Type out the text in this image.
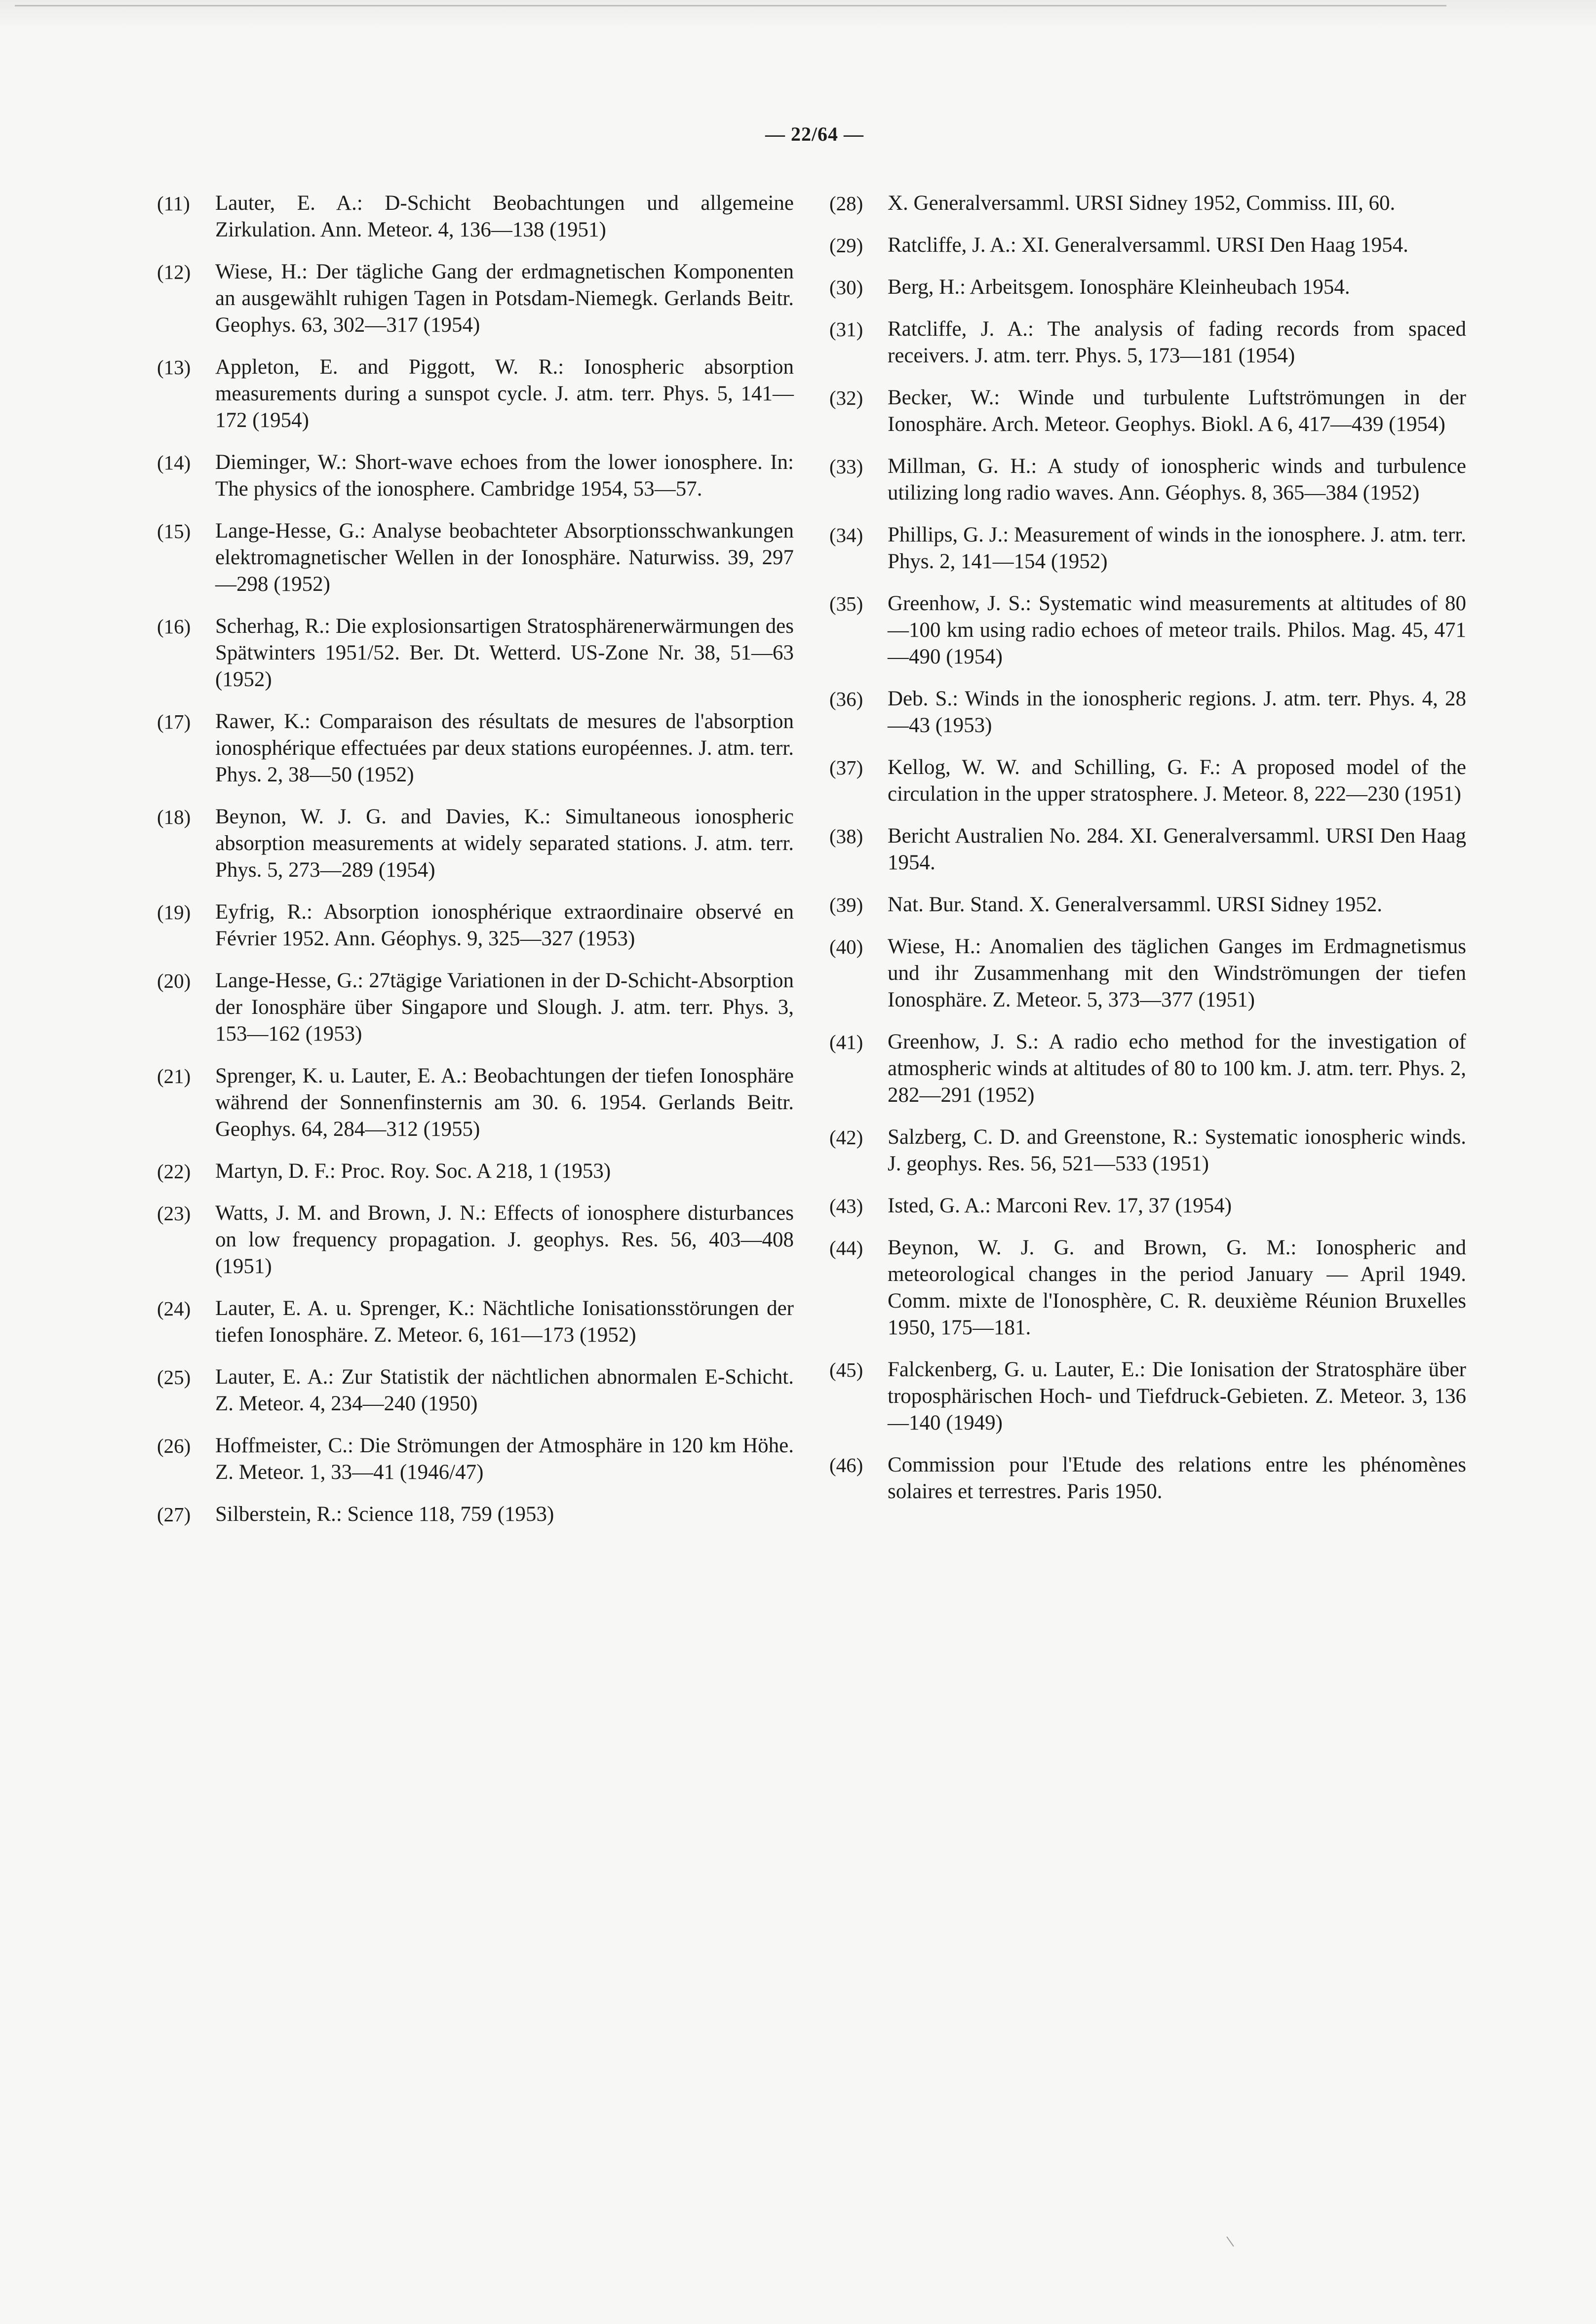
— 22/64 —
(11)	Lauter, E. A.: D-Schicht Beobachtungen und allgemeine Zirkulation. Ann. Meteor. 4, 136—138 (1951)
(12)	Wiese, H.: Der tägliche Gang der erdmagnetischen Komponenten an ausgewählt ruhigen Tagen in Potsdam-Niemegk. Gerlands Beitr. Geophys. 63, 302—317 (1954)
(13)	Appleton, E. and Piggott, W. R.: Ionospheric absorption measurements during a sunspot cycle. J. atm. terr. Phys. 5, 141—172 (1954)
(14)	Dieminger, W.: Short-wave echoes from the lower ionosphere. In: The physics of the ionosphere. Cambridge 1954, 53—57.
(15)	Lange-Hesse, G.: Analyse beobachteter Absorptionsschwankungen elektromagnetischer Wellen in der Ionosphäre. Naturwiss. 39, 297—298 (1952)
(16)	Scherhag, R.: Die explosionsartigen Stratosphärenerwärmungen des Spätwinters 1951/52. Ber. Dt. Wetterd. US-Zone Nr. 38, 51—63 (1952)
(17)	Rawer, K.: Comparaison des résultats de mesures de l'absorption ionosphérique effectuées par deux stations européennes. J. atm. terr. Phys. 2, 38—50 (1952)
(18)	Beynon, W. J. G. and Davies, K.: Simultaneous ionospheric absorption measurements at widely separated stations. J. atm. terr. Phys. 5, 273—289 (1954)
(19)	Eyfrig, R.: Absorption ionosphérique extraordinaire observé en Février 1952. Ann. Géophys. 9, 325—327 (1953)
(20)	Lange-Hesse, G.: 27tägige Variationen in der D-Schicht-Absorption der Ionosphäre über Singapore und Slough. J. atm. terr. Phys. 3, 153—162 (1953)
(21)	Sprenger, K. u. Lauter, E. A.: Beobachtungen der tiefen Ionosphäre während der Sonnenfinsternis am 30. 6. 1954. Gerlands Beitr. Geophys. 64, 284—312 (1955)
(22)	Martyn, D. F.: Proc. Roy. Soc. A 218, 1 (1953)
(23)	Watts, J. M. and Brown, J. N.: Effects of ionosphere disturbances on low frequency propagation. J. geophys. Res. 56, 403—408 (1951)
(24)	Lauter, E. A. u. Sprenger, K.: Nächtliche Ionisationsstörungen der tiefen Ionosphäre. Z. Meteor. 6, 161—173 (1952)
(25)	Lauter, E. A.: Zur Statistik der nächtlichen abnormalen E-Schicht. Z. Meteor. 4, 234—240 (1950)
(26)	Hoffmeister, C.: Die Strömungen der Atmosphäre in 120 km Höhe. Z. Meteor. 1, 33—41 (1946/47)
(27)	Silberstein, R.: Science 118, 759 (1953)
(28)	X. Generalversamml. URSI Sidney 1952, Commiss. III, 60.
(29)	Ratcliffe, J. A.: XI. Generalversamml. URSI Den Haag 1954.
(30)	Berg, H.: Arbeitsgem. Ionosphäre Kleinheubach 1954.
(31)	Ratcliffe, J. A.: The analysis of fading records from spaced receivers. J. atm. terr. Phys. 5, 173—181 (1954)
(32)	Becker, W.: Winde und turbulente Luftströmungen in der Ionosphäre. Arch. Meteor. Geophys. Biokl. A 6, 417—439 (1954)
(33)	Millman, G. H.: A study of ionospheric winds and turbulence utilizing long radio waves. Ann. Géophys. 8, 365—384 (1952)
(34)	Phillips, G. J.: Measurement of winds in the ionosphere. J. atm. terr. Phys. 2, 141—154 (1952)
(35)	Greenhow, J. S.: Systematic wind measurements at altitudes of 80—100 km using radio echoes of meteor trails. Philos. Mag. 45, 471—490 (1954)
(36)	Deb. S.: Winds in the ionospheric regions. J. atm. terr. Phys. 4, 28—43 (1953)
(37)	Kellog, W. W. and Schilling, G. F.: A proposed model of the circulation in the upper stratosphere. J. Meteor. 8, 222—230 (1951)
(38)	Bericht Australien No. 284. XI. Generalversamml. URSI Den Haag 1954.
(39)	Nat. Bur. Stand. X. Generalversamml. URSI Sidney 1952.
(40)	Wiese, H.: Anomalien des täglichen Ganges im Erdmagnetismus und ihr Zusammenhang mit den Windströmungen der tiefen Ionosphäre. Z. Meteor. 5, 373—377 (1951)
(41)	Greenhow, J. S.: A radio echo method for the investigation of atmospheric winds at altitudes of 80 to 100 km. J. atm. terr. Phys. 2, 282—291 (1952)
(42)	Salzberg, C. D. and Greenstone, R.: Systematic ionospheric winds. J. geophys. Res. 56, 521—533 (1951)
(43)	Isted, G. A.: Marconi Rev. 17, 37 (1954)
(44)	Beynon, W. J. G. and Brown, G. M.: Ionospheric and meteorological changes in the period January — April 1949. Comm. mixte de l'Ionosphère, C. R. deuxième Réunion Bruxelles 1950, 175—181.
(45)	Falckenberg, G. u. Lauter, E.: Die Ionisation der Stratosphäre über troposphärischen Hoch- und Tiefdruck-Gebieten. Z. Meteor. 3, 136—140 (1949)
(46)	Commission pour l'Etude des relations entre les phénomènes solaires et terrestres. Paris 1950.
